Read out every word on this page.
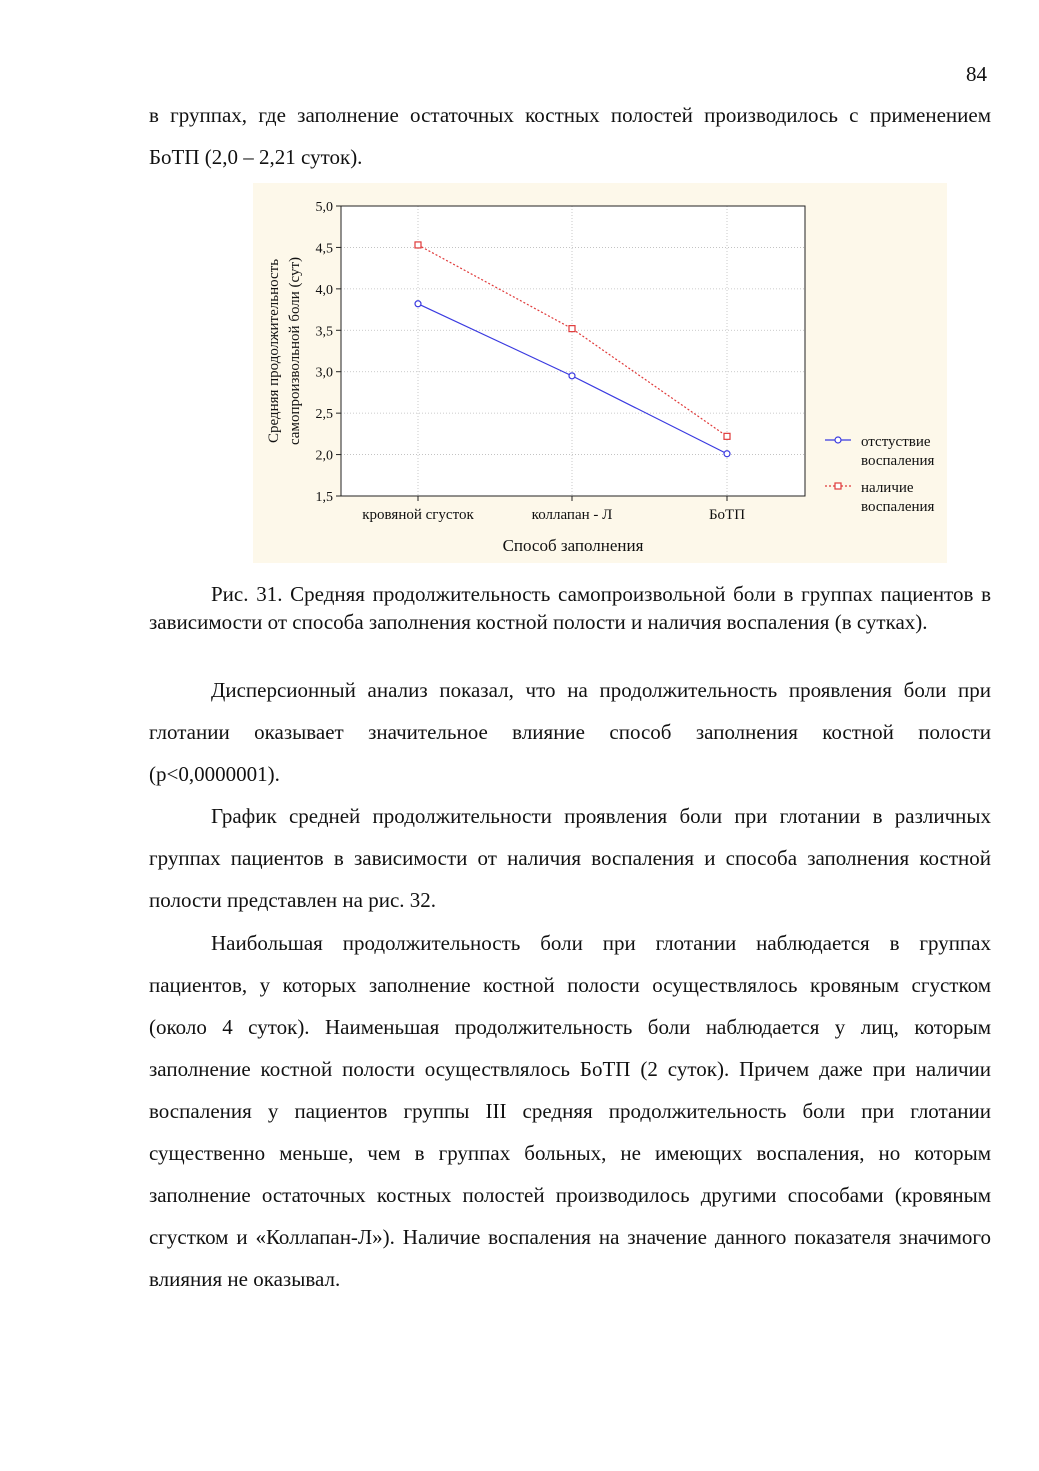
84

в группах, где заполнение остаточных костных полостей производилось с применением БоТП (2,0 – 2,21 суток).

1,5
2,0
2,5
3,0
3,5
4,0
4,5
5,0
кровяной сгусток	коллапан - Л	БоТП
Способ заполнения
Средняя продолжительность самопроизвольной боли (сут)	отстуствие
воспаления
наличие
воспаления

Рис. 31. Средняя продолжительность самопроизвольной боли в группах пациентов в зависимости от способа заполнения костной полости и наличия воспаления (в сутках).

Дисперсионный анализ показал, что на продолжительность проявления боли при глотании оказывает значительное влияние способ заполнения костной полости (p<0,0000001).

График средней продолжительности проявления боли при глотании в различных группах пациентов в зависимости от наличия воспаления и способа заполнения костной полости представлен на рис. 32.

Наибольшая продолжительность боли при глотании наблюдается в группах пациентов, у которых заполнение костной полости осуществлялось кровяным сгустком (около 4 суток). Наименьшая продолжительность боли наблюдается у лиц, которым заполнение костной полости осуществлялось БоТП (2 суток). Причем даже при наличии воспаления у пациентов группы III средняя продолжительность боли при глотании существенно меньше, чем в группах больных, не имеющих воспаления, но которым заполнение остаточных костных полостей производилось другими способами (кровяным сгустком и «Коллапан-Л»). Наличие воспаления на значение данного показателя значимого влияния не оказывал.
